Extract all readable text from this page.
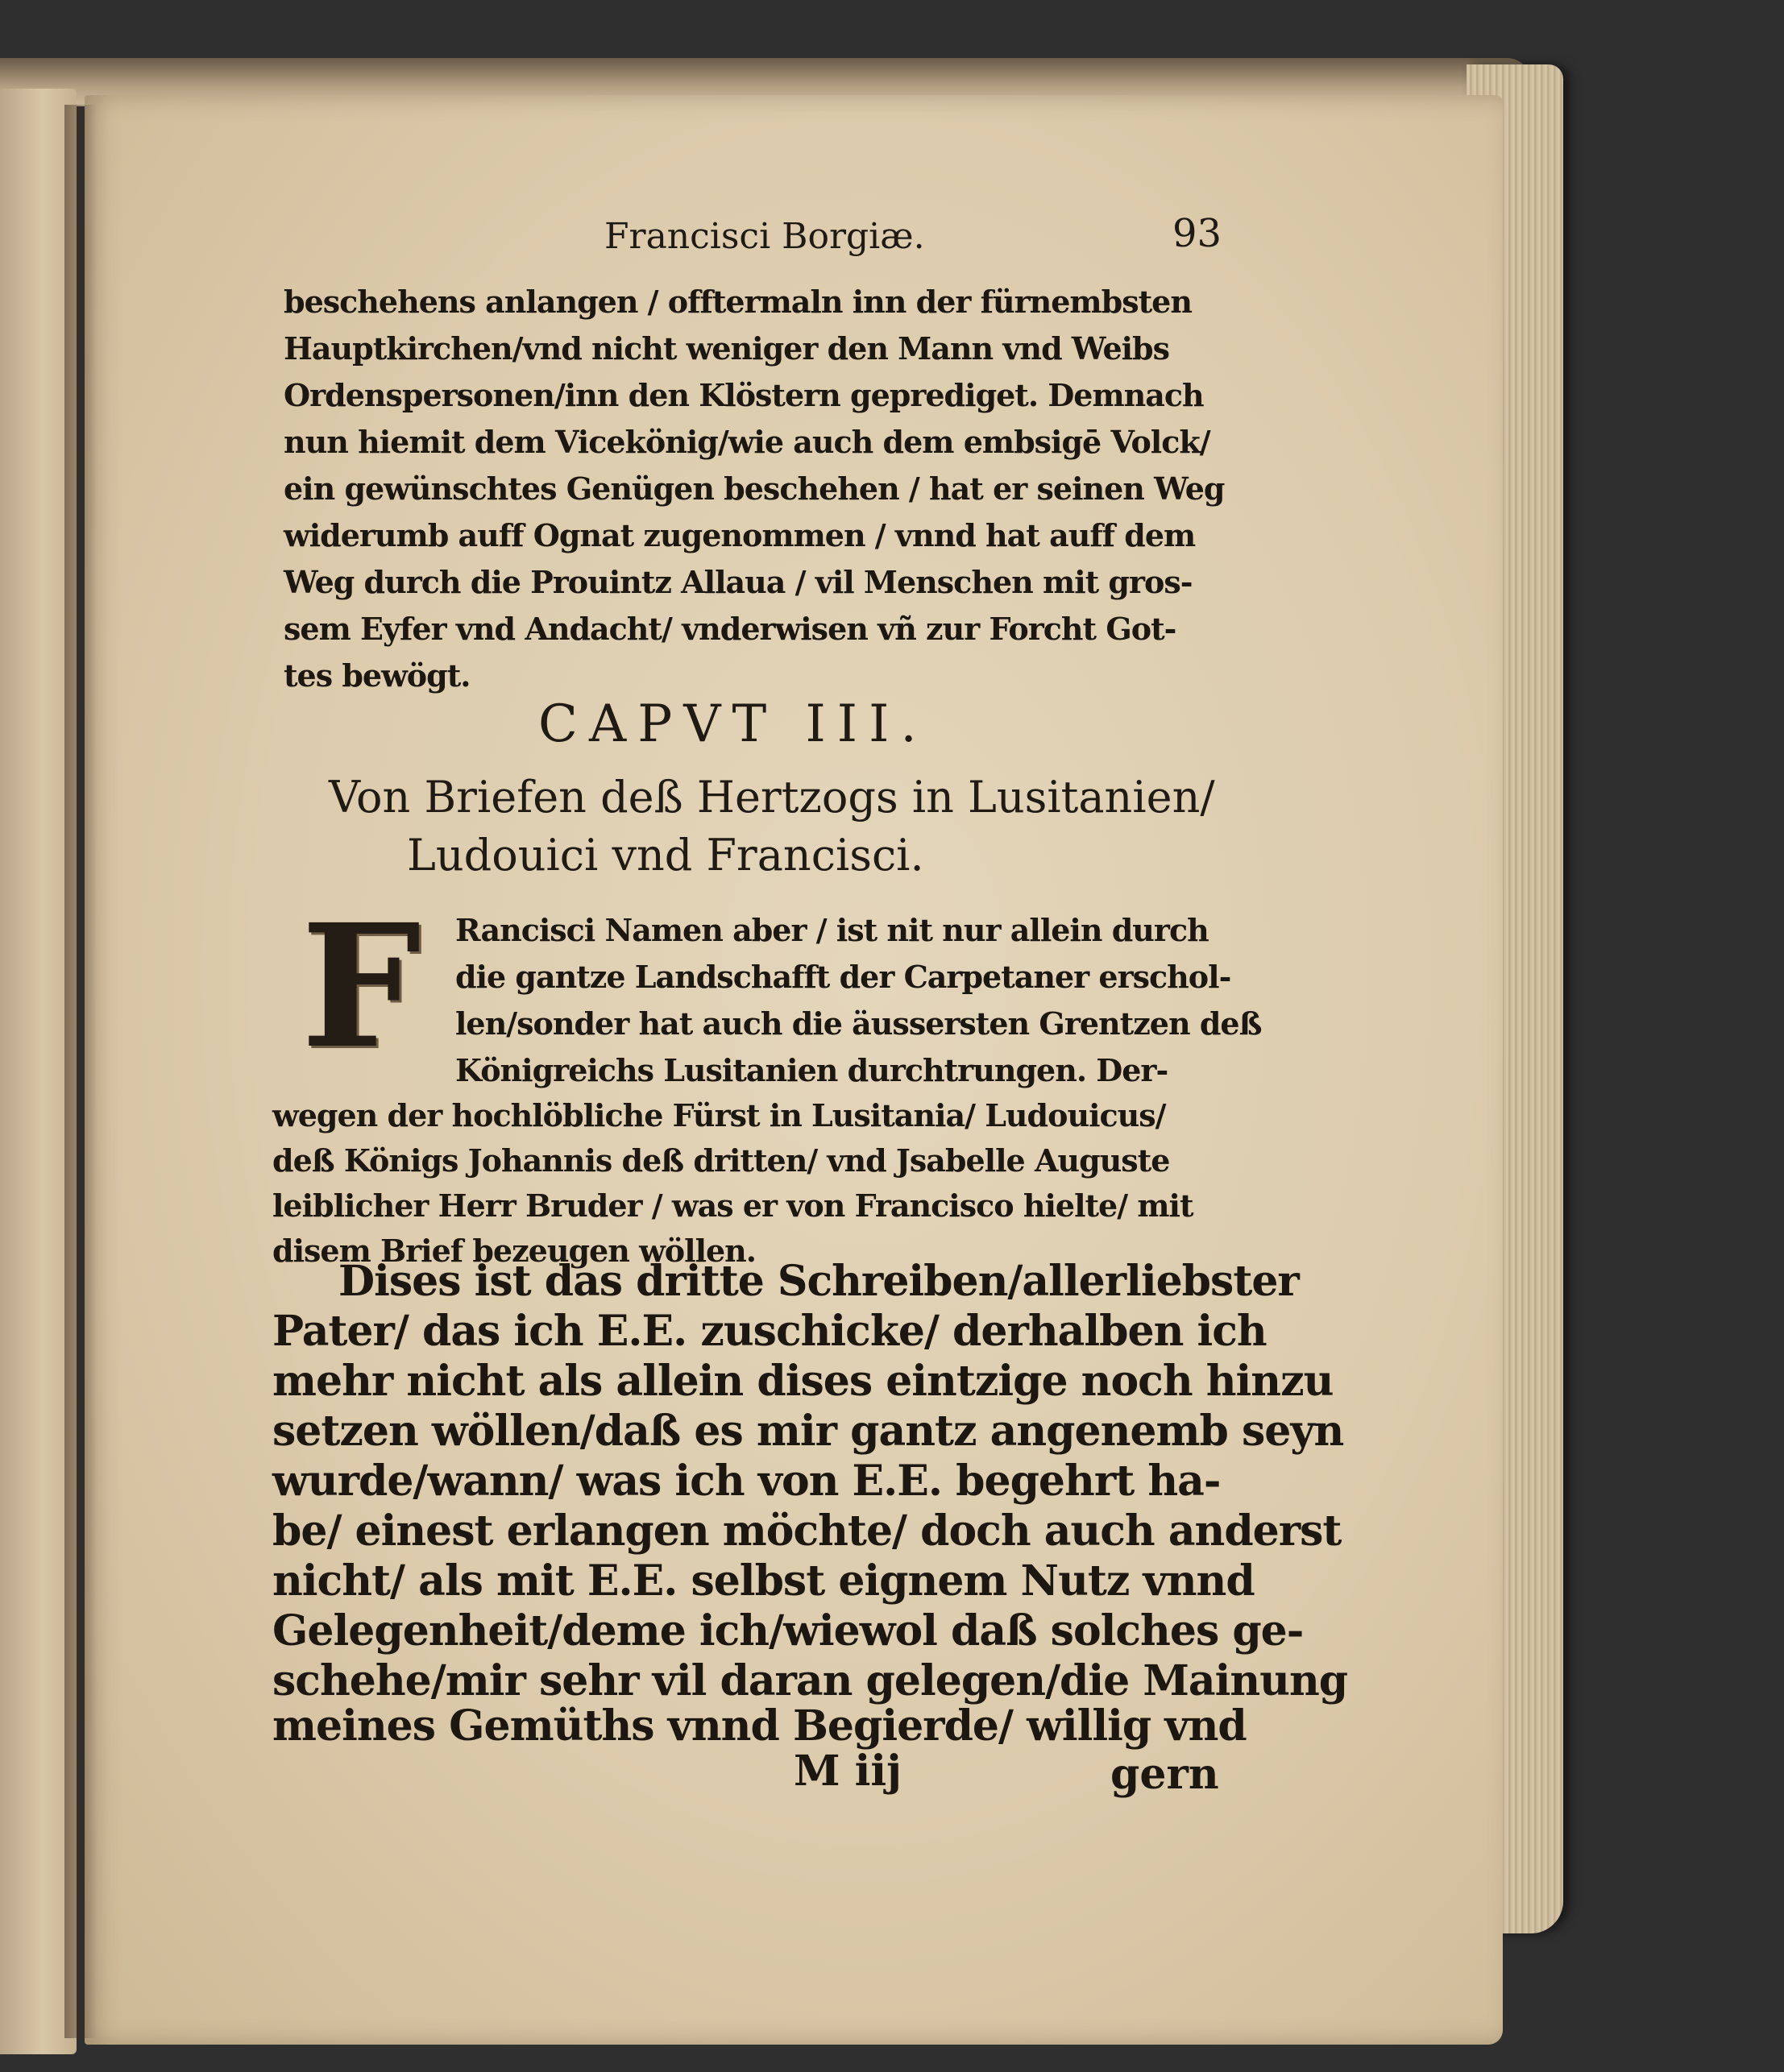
Francisci Borgiæ.	93
beschehens anlangen / offtermaln inn der fürnembsten
Hauptkirchen/vnd nicht weniger den Mann vnd Weibs
Ordenspersonen/inn den Klöstern geprediget. Demnach
nun hiemit dem Vicekönig/wie auch dem embsigē Volck/
ein gewünschtes Genügen beschehen / hat er seinen Weg
widerumb auff Ognat zugenommen / vnnd hat auff dem
Weg durch die Prouintz Allaua / vil Menschen mit gros-
sem Eyfer vnd Andacht/ vnderwisen vñ zur Forcht Got-
tes bewögt.
CAPVT III.
Von Briefen deß Hertzogs in Lusitanien/
Ludouici vnd Francisci.
F	Rancisci Namen aber / ist nit nur allein durch
die gantze Landschafft der Carpetaner erschol-
len/sonder hat auch die äussersten Grentzen deß
Königreichs Lusitanien durchtrungen. Der-
wegen der hochlöbliche Fürst in Lusitania/ Ludouicus/
deß Königs Johannis deß dritten/ vnd Jsabelle Auguste
leiblicher Herr Bruder / was er von Francisco hielte/ mit
disem Brief bezeugen wöllen.
Dises ist das dritte Schreiben/allerliebster
Pater/ das ich E.E. zuschicke/ derhalben ich
mehr nicht als allein dises eintzige noch hinzu
setzen wöllen/daß es mir gantz angenemb seyn
wurde/wann/ was ich von E.E. begehrt ha-
be/ einest erlangen möchte/ doch auch anderst
nicht/ als mit E.E. selbst eignem Nutz vnnd
Gelegenheit/deme ich/wiewol daß solches ge-
schehe/mir sehr vil daran gelegen/die Mainung
meines Gemüths vnnd Begierde/ willig vnd
M iij	gern
